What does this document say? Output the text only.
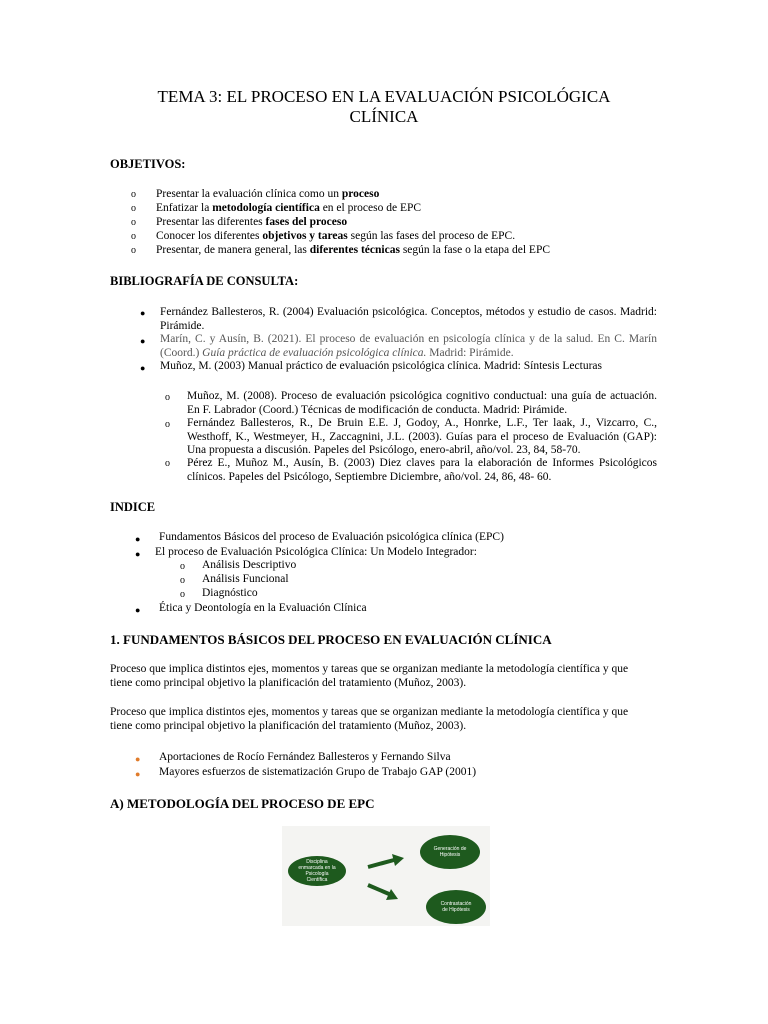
TEMA 3: EL PROCESO EN LA EVALUACIÓN PSICOLÓGICA
CLÍNICA
OBJETIVOS:
o Presentar la evaluación clínica como un proceso
o Enfatizar la metodología científica en el proceso de EPC
o Presentar las diferentes fases del proceso
o Conocer los diferentes objetivos y tareas según las fases del proceso de EPC.
o Presentar, de manera general, las diferentes técnicas según la fase o la etapa del EPC
BIBLIOGRAFÍA DE CONSULTA:
● Fernández Ballesteros, R. (2004) Evaluación psicológica. Conceptos, métodos y estudio de casos. Madrid: Pirámide.
● Marín, C. y Ausín, B. (2021). El proceso de evaluación en psicología clínica y de la salud. En C. Marín (Coord.) Guía práctica de evaluación psicológica clínica. Madrid: Pirámide.
● Muñoz, M. (2003) Manual práctico de evaluación psicológica clínica. Madrid: Síntesis Lecturas
o Muñoz, M. (2008). Proceso de evaluación psicológica cognitivo conductual: una guía de actuación. En F. Labrador (Coord.) Técnicas de modificación de conducta. Madrid: Pirámide.
o Fernández Ballesteros, R., De Bruin E.E. J, Godoy, A., Honrke, L.F., Ter laak, J., Vizcarro, C., Westhoff, K., Westmeyer, H., Zaccagnini, J.L. (2003). Guías para el proceso de Evaluación (GAP): Una propuesta a discusión. Papeles del Psicólogo, enero-abril, año/vol. 23, 84, 58-70.
o Pérez E., Muñoz M., Ausín, B. (2003) Diez claves para la elaboración de Informes Psicológicos clínicos. Papeles del Psicólogo, Septiembre Diciembre, año/vol. 24, 86, 48- 60.
INDICE
● Fundamentos Básicos del proceso de Evaluación psicológica clínica (EPC)
● El proceso de Evaluación Psicológica Clínica: Un Modelo Integrador:
o Análisis Descriptivo
o Análisis Funcional
o Diagnóstico
● Ética y Deontología en la Evaluación Clínica
1. FUNDAMENTOS BÁSICOS DEL PROCESO EN EVALUACIÓN CLÍNICA
Proceso que implica distintos ejes, momentos y tareas que se organizan mediante la metodología científica y que
tiene como principal objetivo la planificación del tratamiento (Muñoz, 2003).
Proceso que implica distintos ejes, momentos y tareas que se organizan mediante la metodología científica y que
tiene como principal objetivo la planificación del tratamiento (Muñoz, 2003).
● Aportaciones de Rocío Fernández Ballesteros y Fernando Silva
● Mayores esfuerzos de sistematización Grupo de Trabajo GAP (2001)
A) METODOLOGÍA DEL PROCESO DE EPC
Disciplina enmarcada en la Psicología Científica
Generación de Hipótesis
Contrastación de Hipótesis
